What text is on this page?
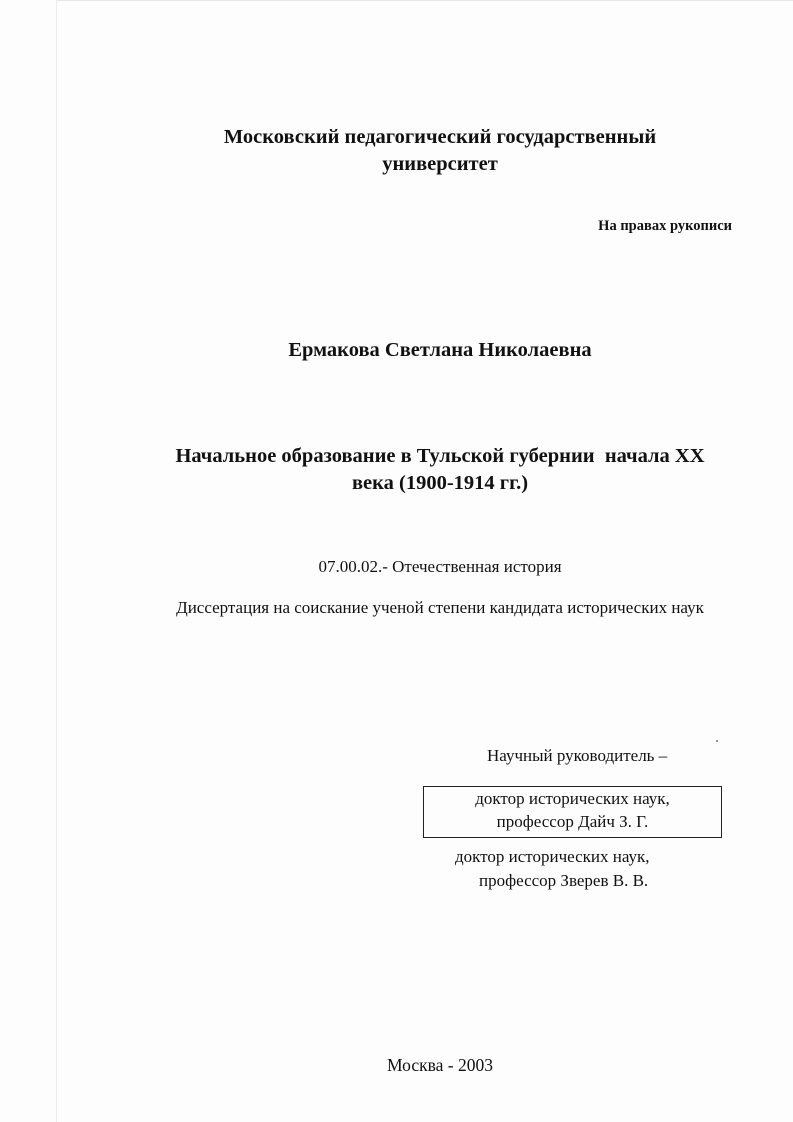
Московский педагогический государственный
университет
На правах рукописи
Ермакова Светлана Николаевна
Начальное образование в Тульской губернии  начала XX
века (1900-1914 гг.)
07.00.02.- Отечественная история
Диссертация на соискание ученой степени кандидата исторических наук
Научный руководитель –
доктор исторических наук,
профессор Дайч З. Г.
доктор исторических наук,
профессор Зверев В. В.
Москва - 2003
